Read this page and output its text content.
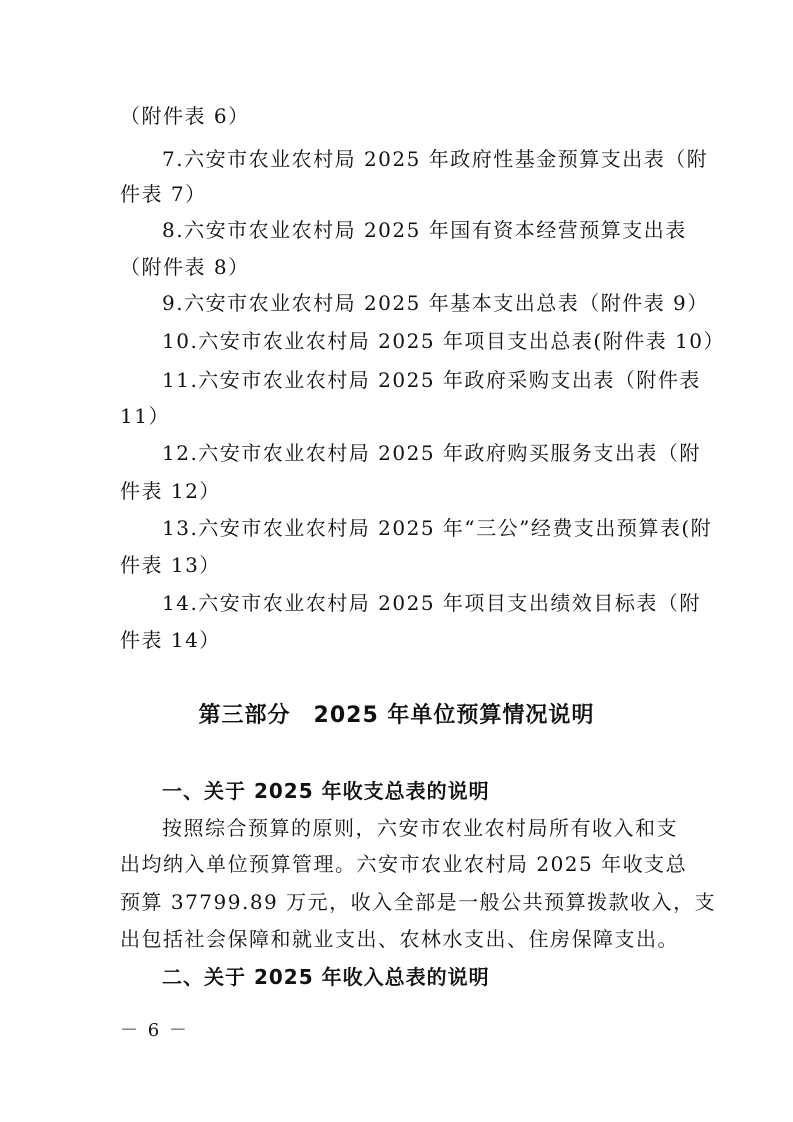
（附件表 6）
7.六安市农业农村局 2025 年政府性基金预算支出表（附
件表 7）
8.六安市农业农村局 2025 年国有资本经营预算支出表
（附件表 8）
9.六安市农业农村局 2025 年基本支出总表（附件表 9）
10.六安市农业农村局 2025 年项目支出总表(附件表 10）
11.六安市农业农村局 2025 年政府采购支出表（附件表
11）
12.六安市农业农村局 2025 年政府购买服务支出表（附
件表 12）
13.六安市农业农村局 2025 年“三公”经费支出预算表(附
件表 13）
14.六安市农业农村局 2025 年项目支出绩效目标表（附
件表 14）
第三部分　2025 年单位预算情况说明
一、关于 2025 年收支总表的说明
按照综合预算的原则，六安市农业农村局所有收入和支
出均纳入单位预算管理。六安市农业农村局 2025 年收支总
预算 37799.89 万元，收入全部是一般公共预算拨款收入，支
出包括社会保障和就业支出、农林水支出、住房保障支出。
二、关于 2025 年收入总表的说明
－ 6 －
